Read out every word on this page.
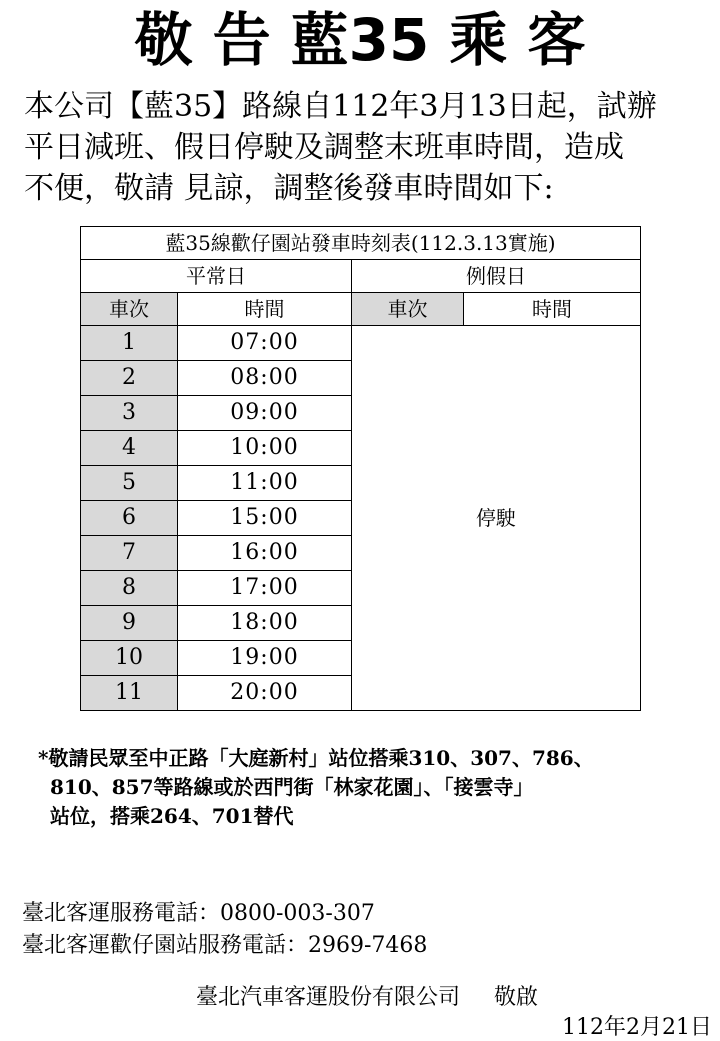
敬 告 藍35 乘 客
本公司【藍35】路線自112年3月13日起，試辦
平日減班、假日停駛及調整末班車時間，造成
不便，敬請 見諒，調整後發車時間如下:
藍35線歡仔園站發車時刻表(112.3.13實施)			
平常日		例假日	
車次	時間	車次	時間
1	07:00	停駛	
2	08:00		
3	09:00		
4	10:00		
5	11:00		
6	15:00		
7	16:00		
8	17:00		
9	18:00		
10	19:00		
11	20:00		
*敬請民眾至中正路「大庭新村」站位搭乘310、307、786、
810、857等路線或於西門街「林家花園」、「接雲寺」
站位，搭乘264、701替代
臺北客運服務電話：0800-003-307
臺北客運歡仔園站服務電話：2969-7468
臺北汽車客運股份有限公司 敬啟
112年2月21日
